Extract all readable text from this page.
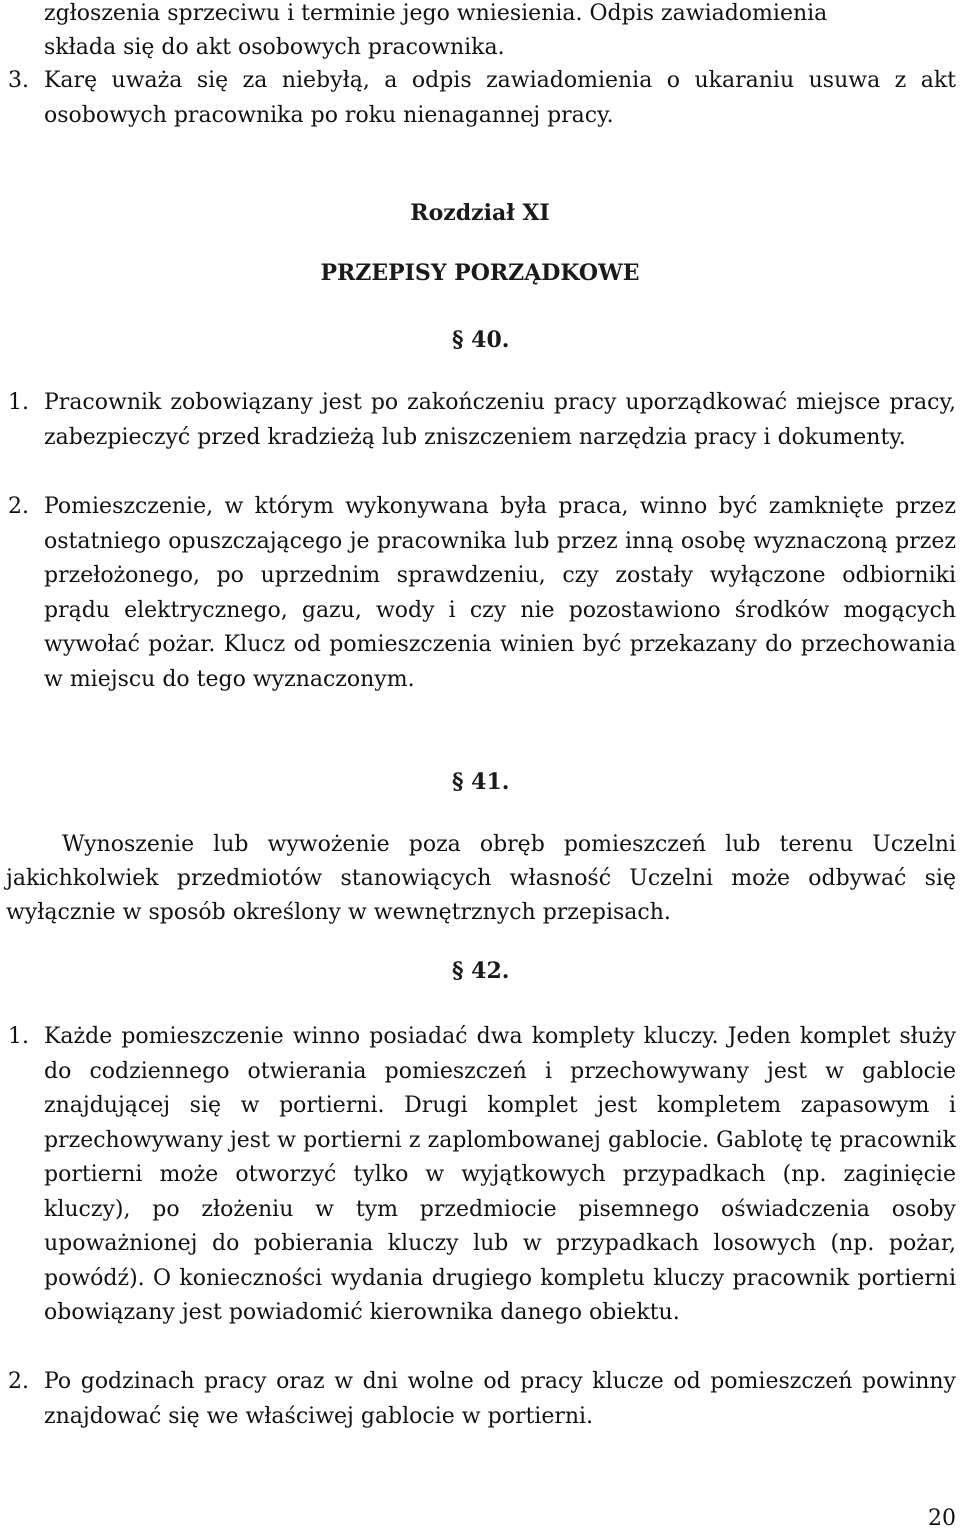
zgłoszenia sprzeciwu i terminie jego wniesienia. Odpis zawiadomienia
składa się do akt osobowych pracownika.
3. Karę uważa się za niebyłą, a odpis zawiadomienia o ukaraniu usuwa z akt osobowych pracownika po roku nienagannej pracy.
Rozdział XI
PRZEPISY PORZĄDKOWE
§ 40.
1. Pracownik zobowiązany jest po zakończeniu pracy uporządkować miejsce pracy, zabezpieczyć przed kradzieżą lub zniszczeniem narzędzia pracy i dokumenty.
2. Pomieszczenie, w którym wykonywana była praca, winno być zamknięte przez ostatniego opuszczającego je pracownika lub przez inną osobę wyznaczoną przez przełożonego, po uprzednim sprawdzeniu, czy zostały wyłączone odbiorniki prądu elektrycznego, gazu, wody i czy nie pozostawiono środków mogących wywołać pożar. Klucz od pomieszczenia winien być przekazany do przechowania w miejscu do tego wyznaczonym.
§ 41.
Wynoszenie lub wywożenie poza obręb pomieszczeń lub terenu Uczelni jakichkolwiek przedmiotów stanowiących własność Uczelni może odbywać się wyłącznie w sposób określony w wewnętrznych przepisach.
§ 42.
1. Każde pomieszczenie winno posiadać dwa komplety kluczy. Jeden komplet służy do codziennego otwierania pomieszczeń i przechowywany jest w gablocie znajdującej się w portierni. Drugi komplet jest kompletem zapasowym i przechowywany jest w portierni z zaplombowanej gablocie. Gablotę tę pracownik portierni może otworzyć tylko w wyjątkowych przypadkach (np. zaginięcie kluczy), po złożeniu w tym przedmiocie pisemnego oświadczenia osoby upoważnionej do pobierania kluczy lub w przypadkach losowych (np. pożar, powódź). O konieczności wydania drugiego kompletu kluczy pracownik portierni obowiązany jest powiadomić kierownika danego obiektu.
2. Po godzinach pracy oraz w dni wolne od pracy klucze od pomieszczeń powinny znajdować się we właściwej gablocie w portierni.
20
